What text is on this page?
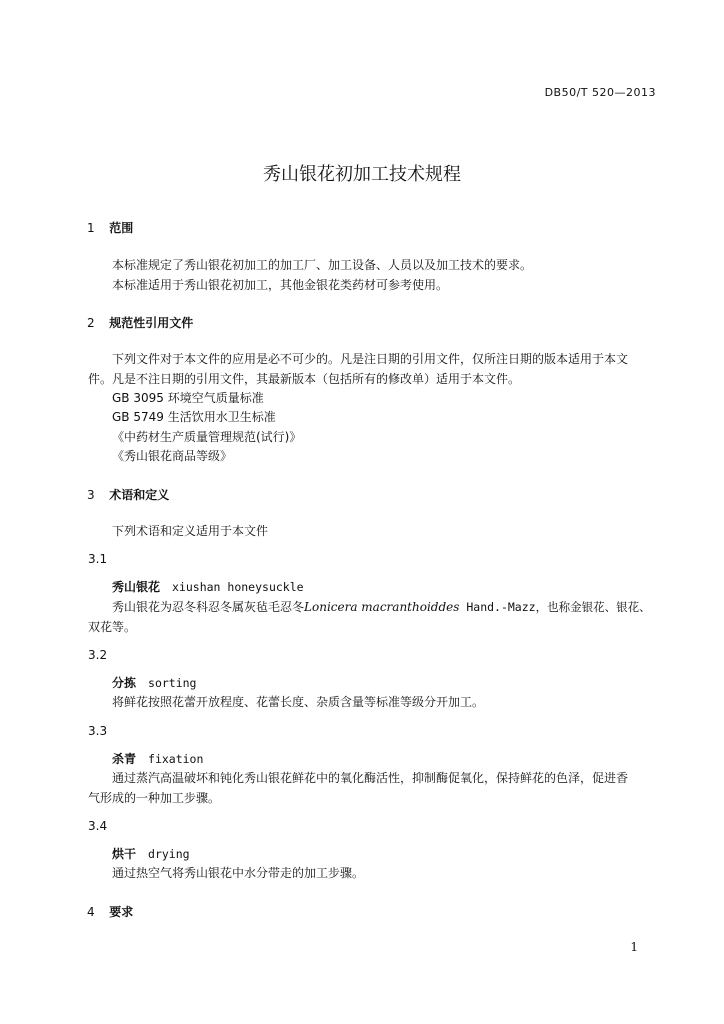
DB50/T 520—2013
秀山银花初加工技术规程
1 范围
本标准规定了秀山银花初加工的加工厂、加工设备、人员以及加工技术的要求。
本标准适用于秀山银花初加工，其他金银花类药材可参考使用。
2 规范性引用文件
下列文件对于本文件的应用是必不可少的。凡是注日期的引用文件，仅所注日期的版本适用于本文
件。凡是不注日期的引用文件，其最新版本（包括所有的修改单）适用于本文件。
GB 3095 环境空气质量标准
GB 5749 生活饮用水卫生标准
《中药材生产质量管理规范(试行)》
《秀山银花商品等级》
3 术语和定义
下列术语和定义适用于本文件
3.1
秀山银花 xiushan honeysuckle
秀山银花为忍冬科忍冬属灰毡毛忍冬Lonicera macranthoiddes Hand.-Mazz，也称金银花、银花、
双花等。
3.2
分拣 sorting
将鲜花按照花蕾开放程度、花蕾长度、杂质含量等标准等级分开加工。
3.3
杀青 fixation
通过蒸汽高温破坏和钝化秀山银花鲜花中的氧化酶活性，抑制酶促氧化，保持鲜花的色泽，促进香
气形成的一种加工步骤。
3.4
烘干 drying
通过热空气将秀山银花中水分带走的加工步骤。
4 要求
1
